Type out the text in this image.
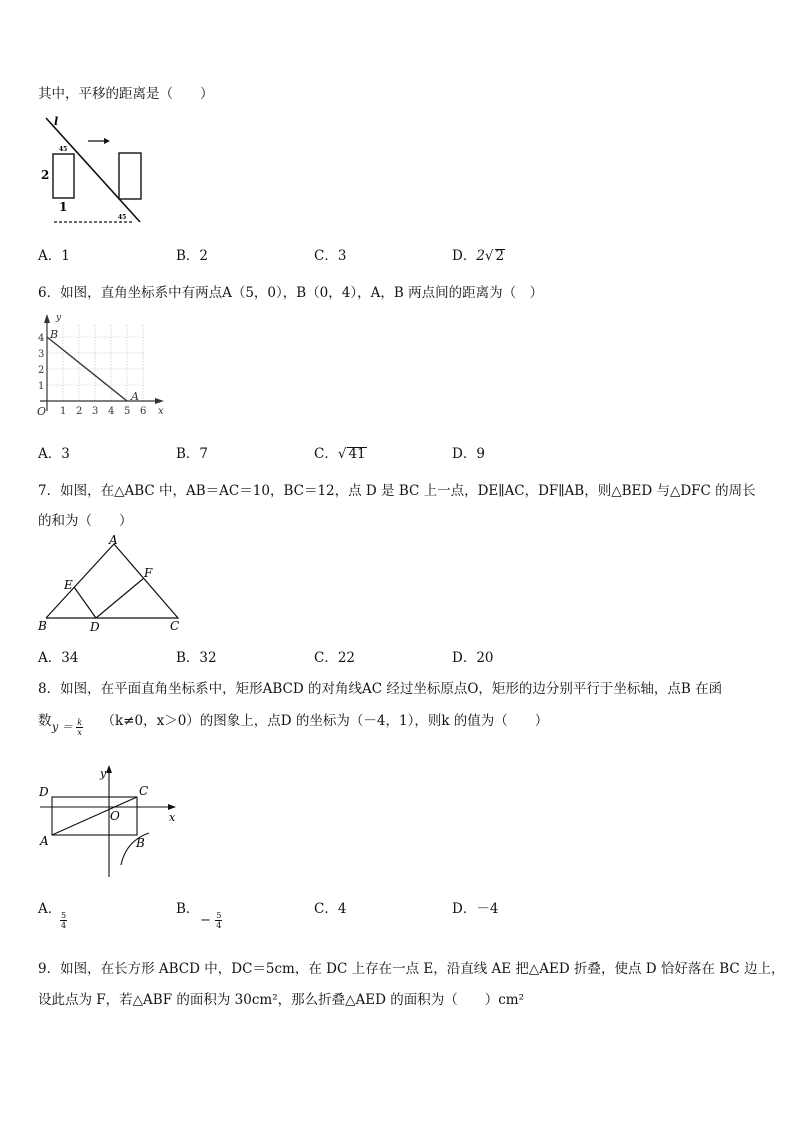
其中，平移的距离是（　　）
l
45
45
2
1
A．1	B．2	C．3	D．2√ 2
6．如图，直角坐标系中有两点A（5，0），B（0，4），A，B 两点间的距离为（　）
y
x
B
A
O
4
3
2
1
1 2 3 4 5 6
A．3	B．7	C．√ 41	D．9
7．如图，在△ABC 中，AB＝AC＝10，BC＝12，点 D 是 BC 上一点，DE∥AC，DF∥AB，则△BED 与△DFC 的周长
的和为（　　）
A
B	C
D
E
F
A．34	B．32	C．22	D．20
8．如图，在平面直角坐标系中，矩形ABCD 的对角线AC 经过坐标原点O，矩形的边分别平行于坐标轴，点B 在函
数	（k≠0，x＞0）的图象上，点D 的坐标为（－4，1），则k 的值为（　　）
$y = \frac{k}{x}$
y
x
D	C
O
A	B
A．
$\frac{5}{4}$
B．
− $\frac{5}{4}$
C．4	D．－4
9．如图，在长方形 ABCD 中，DC＝5cm，在 DC 上存在一点 E，沿直线 AE 把△AED 折叠，使点 D 恰好落在 BC 边上，
设此点为 F，若△ABF 的面积为 30cm²，那么折叠△AED 的面积为（　　）cm²
